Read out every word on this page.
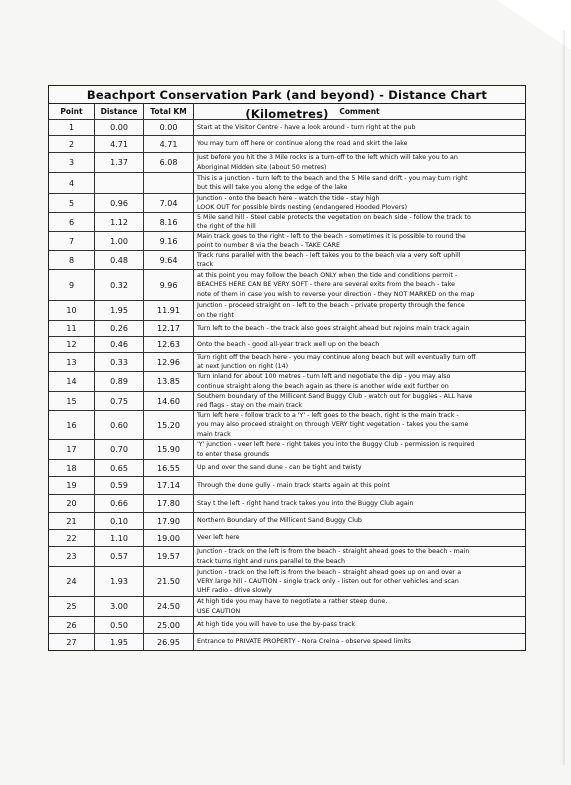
Beachport Conservation Park (and beyond) - Distance Chart (Kilometres)
Point	Distance	Total KM	Comment
1	0.00	0.00	Start at the Visitor Centre - have a look around - turn right at the pub
2	4.71	4.71	You may turn off here or continue along the road and skirt the lake
3	1.37	6.08
Just before you hit the 3 Mile rocks is a turn-off to the left which will take you to an
Aboriginal Midden site (about 50 metres)
4
This is a junction - turn left to the beach and the 5 Mile sand drift - you may turn right
but this will take you along the edge of the lake
5	0.96	7.04
Junction - onto the beach here - watch the tide - stay high
LOOK OUT for possible birds nesting (endangered Hooded Plovers)
6	1.12	8.16
5 Mile sand hill - Steel cable protects the vegetation on beach side - follow the track to
the right of the hill
7	1.00	9.16
Main track goes to the right - left to the beach - sometimes it is possible to round the
point to number 8 via the beach - TAKE CARE
8	0.48	9.64
Track runs parallel with the beach - left takes you to the beach via a very soft uphill
track
9	0.32	9.96
at this point you may follow the beach ONLY when the tide and conditions permit -
BEACHES HERE CAN BE VERY SOFT - there are several exits from the beach - take
note of them in case you wish to reverse your direction - they NOT MARKED on the map
10	1.95	11.91
Junction - proceed straight on - left to the beach - private property through the fence
on the right
11	0.26	12.17	Turn left to the beach - the track also goes straight ahead but rejoins main track again
12	0.46	12.63	Onto the beach - good all-year track well up on the beach
13	0.33	12.96
Turn right off the beach here - you may continue along beach but will eventually turn off
at next junction on right (14)
14	0.89	13.85
Turn inland for about 100 metres - turn left and negotiate the dip - you may also
continue straight along the beach again as there is another wide exit further on
15	0.75	14.60
Southern boundary of the Millicent Sand Buggy Club - watch out for buggies - ALL have
red flags - stay on the main track
16	0.60	15.20
Turn left here - follow track to a 'Y' - left goes to the beach, right is the main track -
you may also proceed straight on through VERY tight vegetation - takes you the same
main track
17	0.70	15.90
'Y' junction - veer left here - right takes you into the Buggy Club - permission is required
to enter these grounds
18	0.65	16.55	Up and over the sand dune - can be tight and twisty
19	0.59	17.14	Through the dune gully - main track starts again at this point
20	0.66	17.80	Stay t the left - right hand track takes you into the Buggy Club again
21	0.10	17.90	Northern Boundary of the Millicent Sand Buggy Club
22	1.10	19.00	Veer left here
23	0.57	19.57
Junction - track on the left is from the beach - straight ahead goes to the beach - main
track turns right and runs parallel to the beach
24	1.93	21.50
Junction - track on the left is from the beach - straight ahead goes up on and over a
VERY large hill - CAUTION - single track only - listen out for other vehicles and scan
UHF radio - drive slowly
25	3.00	24.50
At high tide you may have to negotiate a rather steep dune.
USE CAUTION
26	0.50	25.00	At high tide you will have to use the by-pass track
27	1.95	26.95	Entrance to PRIVATE PROPERTY - Nora Creina - observe speed limits
